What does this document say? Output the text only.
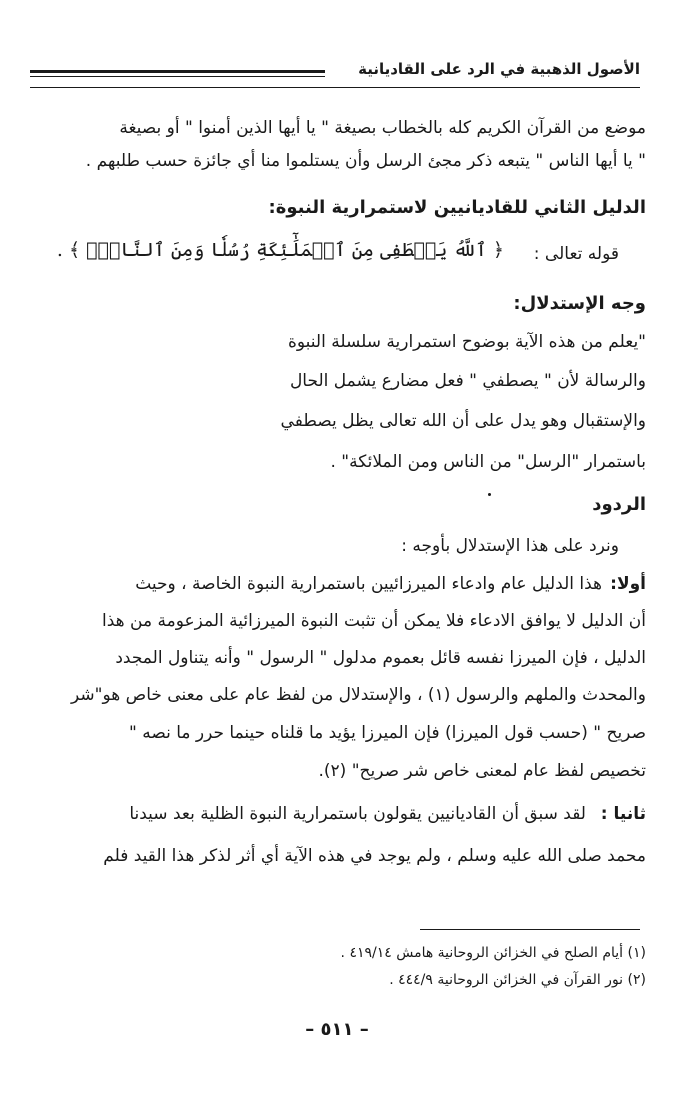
الأصول الذهبية في الرد على القاديانية
موضع من القرآن الكريم كله بالخطاب بصيغة " يا أيها الذين أمنوا " أو بصيغة
" يا أيها الناس " يتبعه ذكر مجئ الرسل وأن يستلموا منا أي جائزة حسب طلبهم .
الدليل الثاني للقاديانيين لاستمرارية النبوة:
قوله تعالى :
﴿ ٱللَّهُ يَصۡطَفِى مِنَ ٱلۡمَلَٰٓئِكَةِ رُسُلٗا وَمِنَ ٱلنَّاسِۚ ﴾ .
وجه الإستدلال:
"يعلم من هذه الآية بوضوح استمرارية سلسلة النبوة
والرسالة لأن " يصطفي " فعل مضارع يشمل الحال
والإستقبال وهو يدل على أن الله تعالى يظل يصطفي
باستمرار "الرسل" من الناس ومن الملائكة" .
الردود
ونرد على هذا الإستدلال بأوجه :
أولا:
هذا الدليل عام وادعاء الميرزائيين باستمرارية النبوة الخاصة ، وحيث
أن الدليل لا يوافق الادعاء فلا يمكن أن تثبت النبوة الميرزائية المزعومة من هذا
الدليل ، فإن الميرزا نفسه قائل بعموم مدلول " الرسول " وأنه يتناول المجدد
والمحدث والملهم والرسول (١) ، والإستدلال من لفظ عام على معنى خاص هو"شر
صريح " (حسب قول الميرزا) فإن الميرزا يؤيد ما قلناه حينما حرر ما نصه "
تخصيص لفظ عام لمعنى خاص شر صريح" (٢).
ثانيا :
لقد سبق أن القاديانيين يقولون باستمرارية النبوة الظلية بعد سيدنا
محمد صلى الله عليه وسلم ، ولم يوجد في هذه الآية أي أثر لذكر هذا القيد فلم
(١) أيام الصلح في الخزائن الروحانية هامش ٤١٩/١٤ .
(٢) نور القرآن في الخزائن الروحانية ٤٤٤/٩ .
– ٥١١ –
